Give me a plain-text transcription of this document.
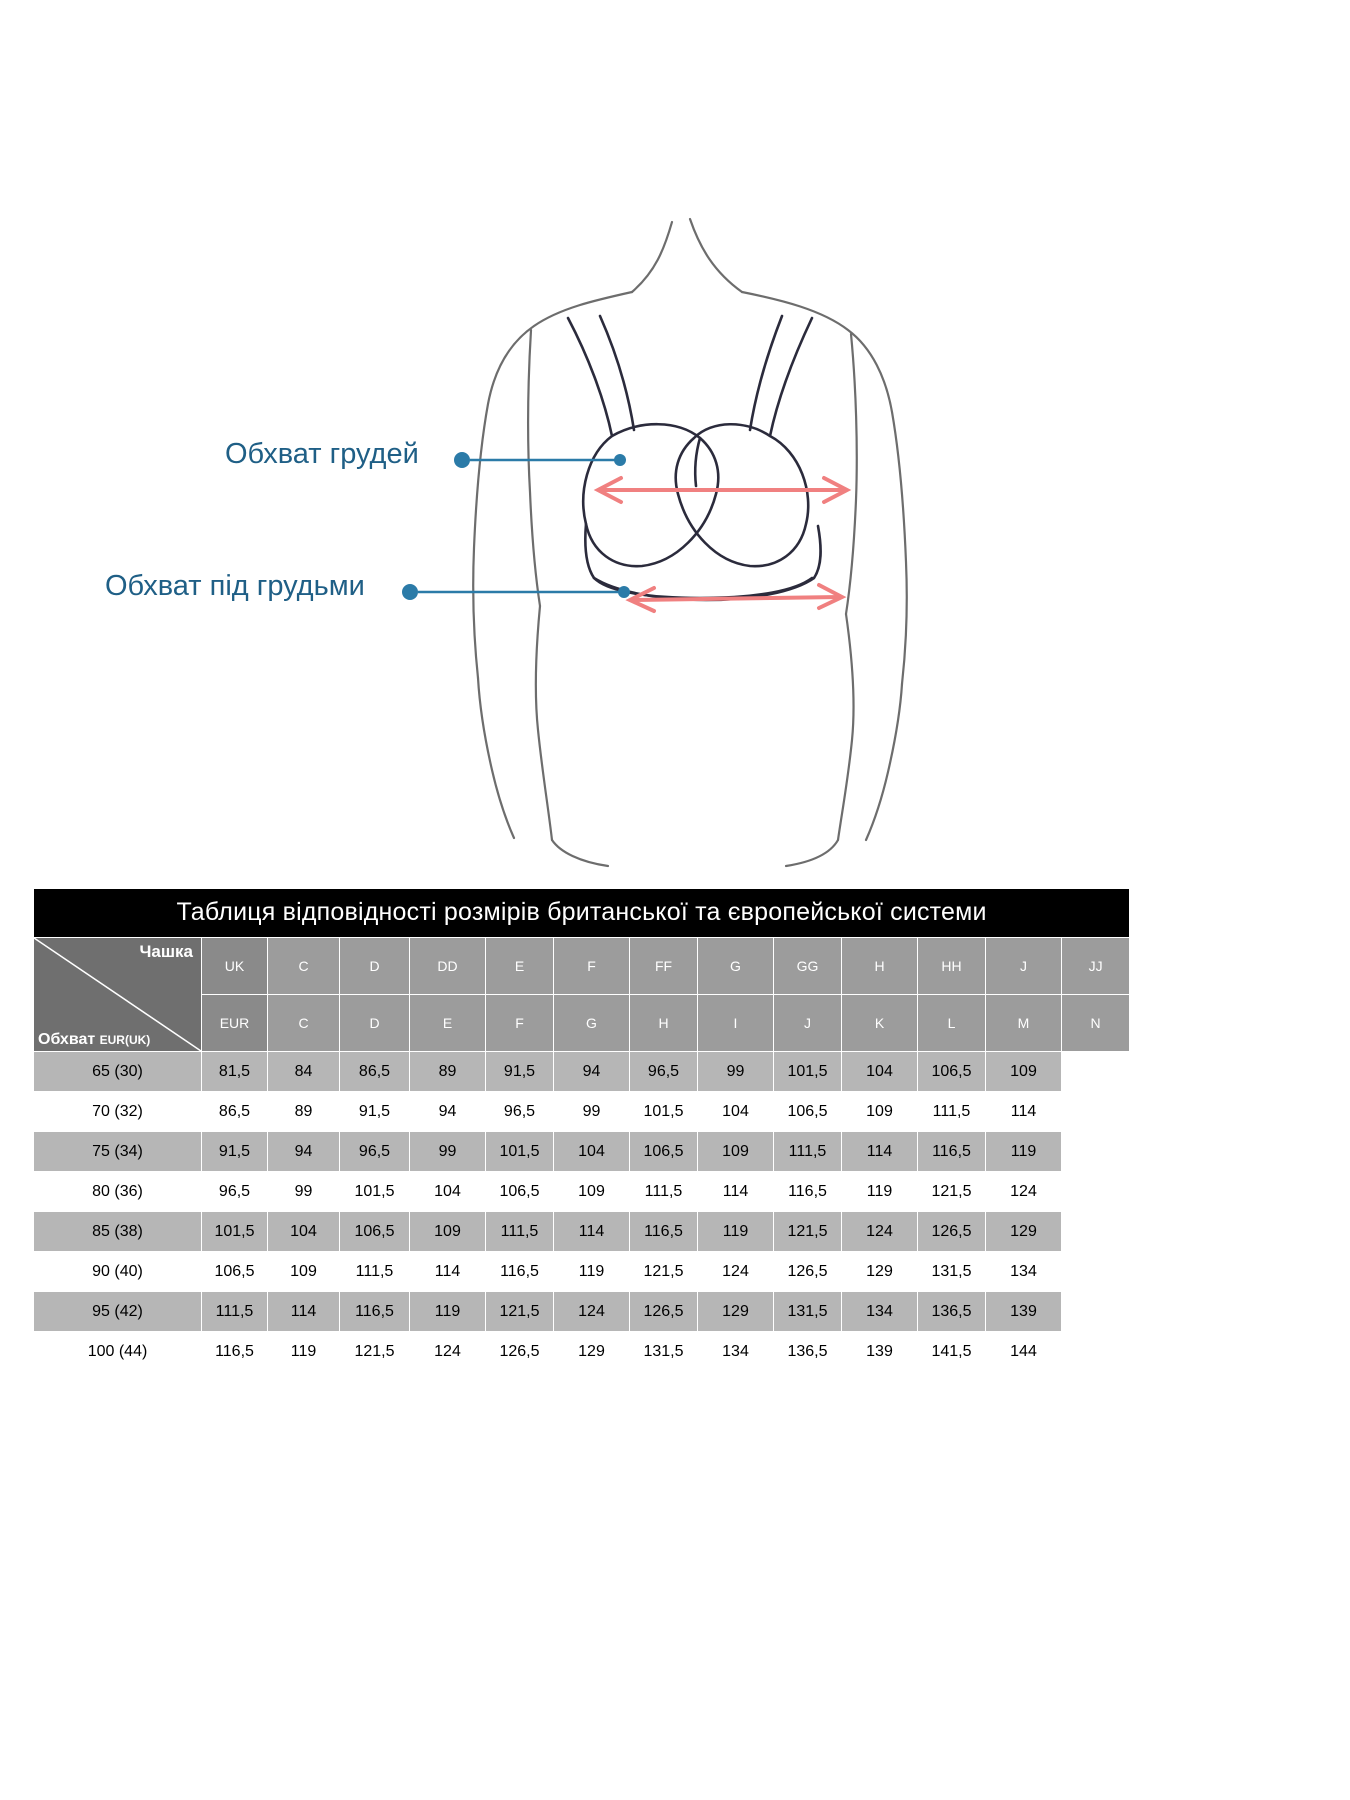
Обхват грудей
Обхват під грудьми
Таблиця відповідності розмірів британської та європейської системи													

Чашка
Обхват EUR(UK)	UK	C	D	DD	E	F	FF	G	GG	H	HH	J	JJ
	EUR	C	D	E	F	G	H	I	J	K	L	M	N
65 (30)	81,5	84	86,5	89	91,5	94	96,5	99	101,5	104	106,5	109	
70 (32)	86,5	89	91,5	94	96,5	99	101,5	104	106,5	109	111,5	114	
75 (34)	91,5	94	96,5	99	101,5	104	106,5	109	111,5	114	116,5	119	
80 (36)	96,5	99	101,5	104	106,5	109	111,5	114	116,5	119	121,5	124	
85 (38)	101,5	104	106,5	109	111,5	114	116,5	119	121,5	124	126,5	129	
90 (40)	106,5	109	111,5	114	116,5	119	121,5	124	126,5	129	131,5	134	
95 (42)	111,5	114	116,5	119	121,5	124	126,5	129	131,5	134	136,5	139	
100 (44)	116,5	119	121,5	124	126,5	129	131,5	134	136,5	139	141,5	144	
